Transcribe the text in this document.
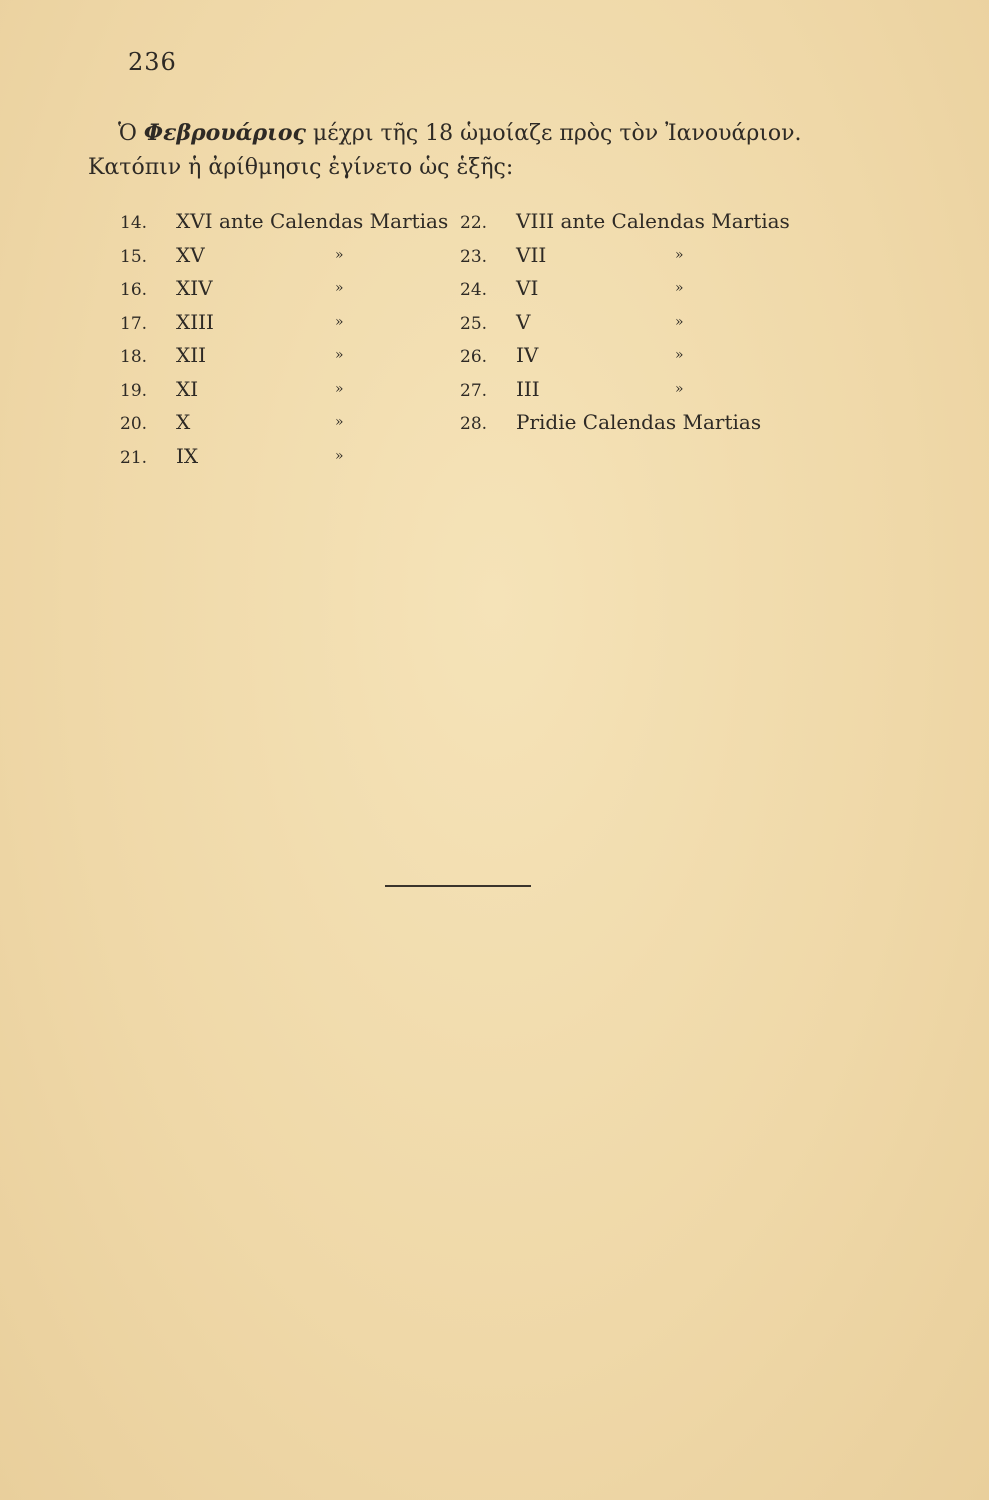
236
Ὁ Φεβρουάριος μέχρι τῆς 18 ὡμοίαζε πρὸς τὸν Ἰανουάριον.
Κατόπιν ἡ ἀρίθμησις ἐγίνετο ὡς ἑξῆς:
14. XVI ante Calendas Martias
15. XV	»
16. XIV	»
17. XIII	»
18. XII	»
19. XI	»
20. X	»
21. IX	»
22. VIII ante Calendas Martias
23. VII	»
24. VI	»
25. V	»
26. IV	»
27. III	»
28. Pridie Calendas Martias
